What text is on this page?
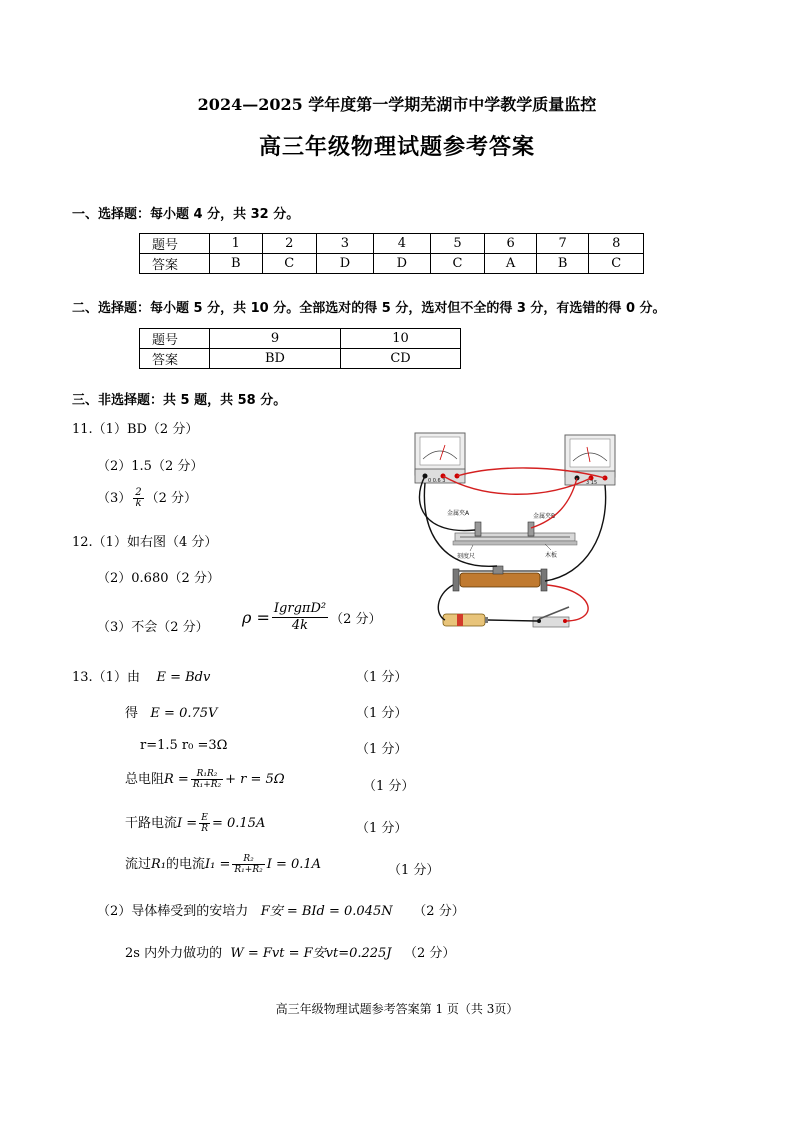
2024—2025 学年度第一学期芜湖市中学教学质量监控
高三年级物理试题参考答案
一、选择题：每小题 4 分，共 32 分。
题号	1	2	3	4	5	6	7	8
答案	B	C	D	D	C	A	B	C
二、选择题：每小题 5 分，共 10 分。全部选对的得 5 分，选对但不全的得 3 分，有选错的得 0 分。
题号	9	10
答案	BD	CD
三、非选择题：共 5 题，共 58 分。
11.（1）BD（2 分）
（2）1.5（2 分）
$(3) \frac{2}{k} (2$ 分）
12.（1）如右图（4 分）
（2）0.680（2 分）
（3）不会（2 分）
$\rho = \frac{\text{IgrgπD²}}{4k} (2$ 分）
13.（1）由 E = Bdv	（1 分）
得 E = 0.75V	（1 分）
r=1.5 r₀ =3Ω	（1 分）
总电阻$R = \frac{\text{R₁R₂}}{\text{R₁+R₂}} + r = 5\Omega$	（1 分）
干路电流$I = \frac{E}{R} = 0.15A$	（1 分）
流过R₁的电流$I_1 = \frac{\text{R₂}}{\text{R₁+R₂}}$ I = 0.1A	（1 分）
（2）导体棒受到的安培力 F安 = BId = 0.045N （2 分）
2s 内外力做功的 W = Fvt = F安vt=0.225J （2 分）
0 0.6 3	3 15
金属夹A	金属夹B
刻度尺	木板
高三年级物理试题参考答案第 1 页（共 3页）
